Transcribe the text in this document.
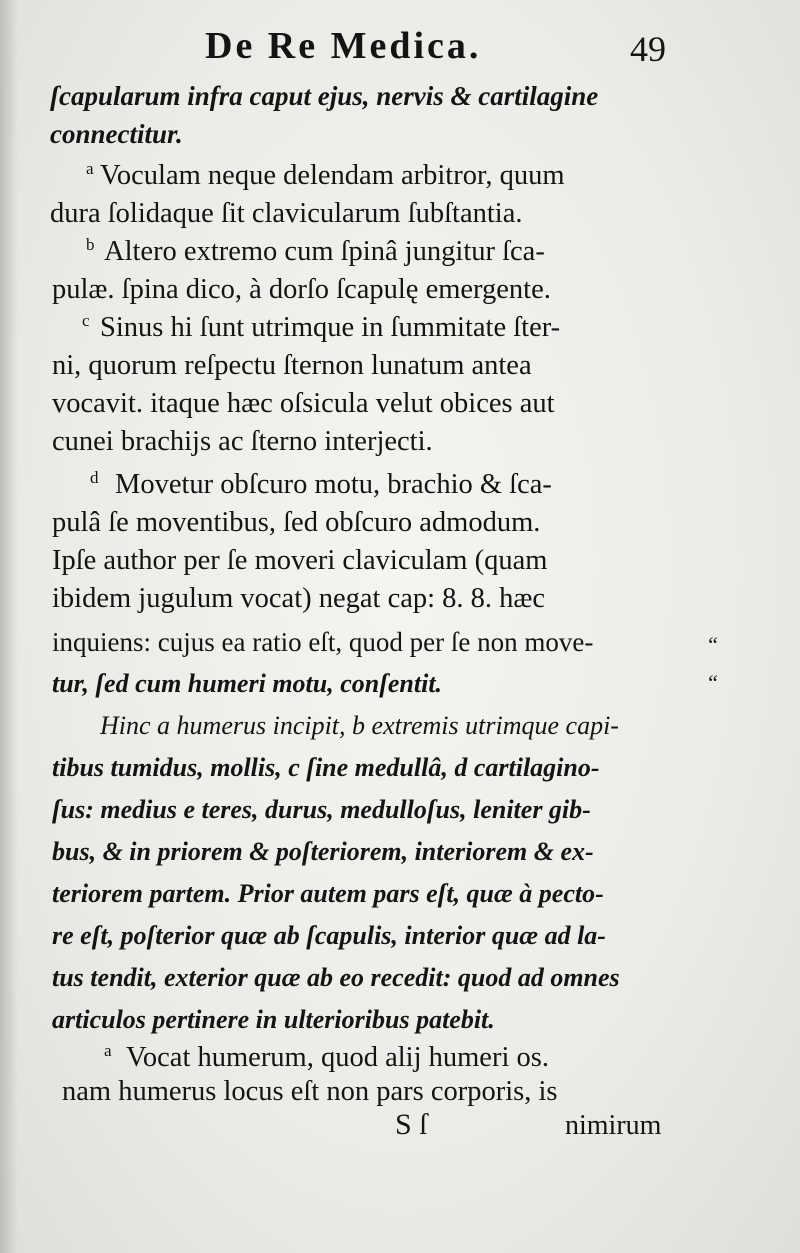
De Re Medica.	49
ſcapularum infra caput ejus, nervis & cartilagine
connectitur.
a Voculam neque delendam arbitror, quum
dura ſolidaque ſit clavicularum ſubſtantia.
b Altero extremo cum ſpinâ jungitur ſca-
pulæ. ſpina dico, à dorſo ſcapulę emergente.
c Sinus hi ſunt utrimque in ſummitate ſter-
ni, quorum reſpectu ſternon lunatum antea
vocavit. itaque hæc oſsicula velut obices aut
cunei brachijs ac ſterno interjecti.
d Movetur obſcuro motu, brachio & ſca-
pulâ ſe moventibus, ſed obſcuro admodum.
Ipſe author per ſe moveri claviculam (quam
ibidem jugulum vocat) negat cap: 8. 8. hæc
inquiens: cujus ea ratio eſt, quod per ſe non move-
tur, ſed cum humeri motu, conſentit.
“
“
Hinc a humerus incipit, b extremis utrimque capi-
tibus tumidus, mollis, c ſine medullâ, d cartilagino-
ſus: medius e teres, durus, medulloſus, leniter gib-
bus, & in priorem & poſteriorem, interiorem & ex-
teriorem partem. Prior autem pars eſt, quæ à pecto-
re eſt, poſterior quæ ab ſcapulis, interior quæ ad la-
tus tendit, exterior quæ ab eo recedit: quod ad omnes
articulos pertinere in ulterioribus patebit.
a Vocat humerum, quod alij humeri os.
nam humerus locus eſt non pars corporis, is
S ſ	nimirum
